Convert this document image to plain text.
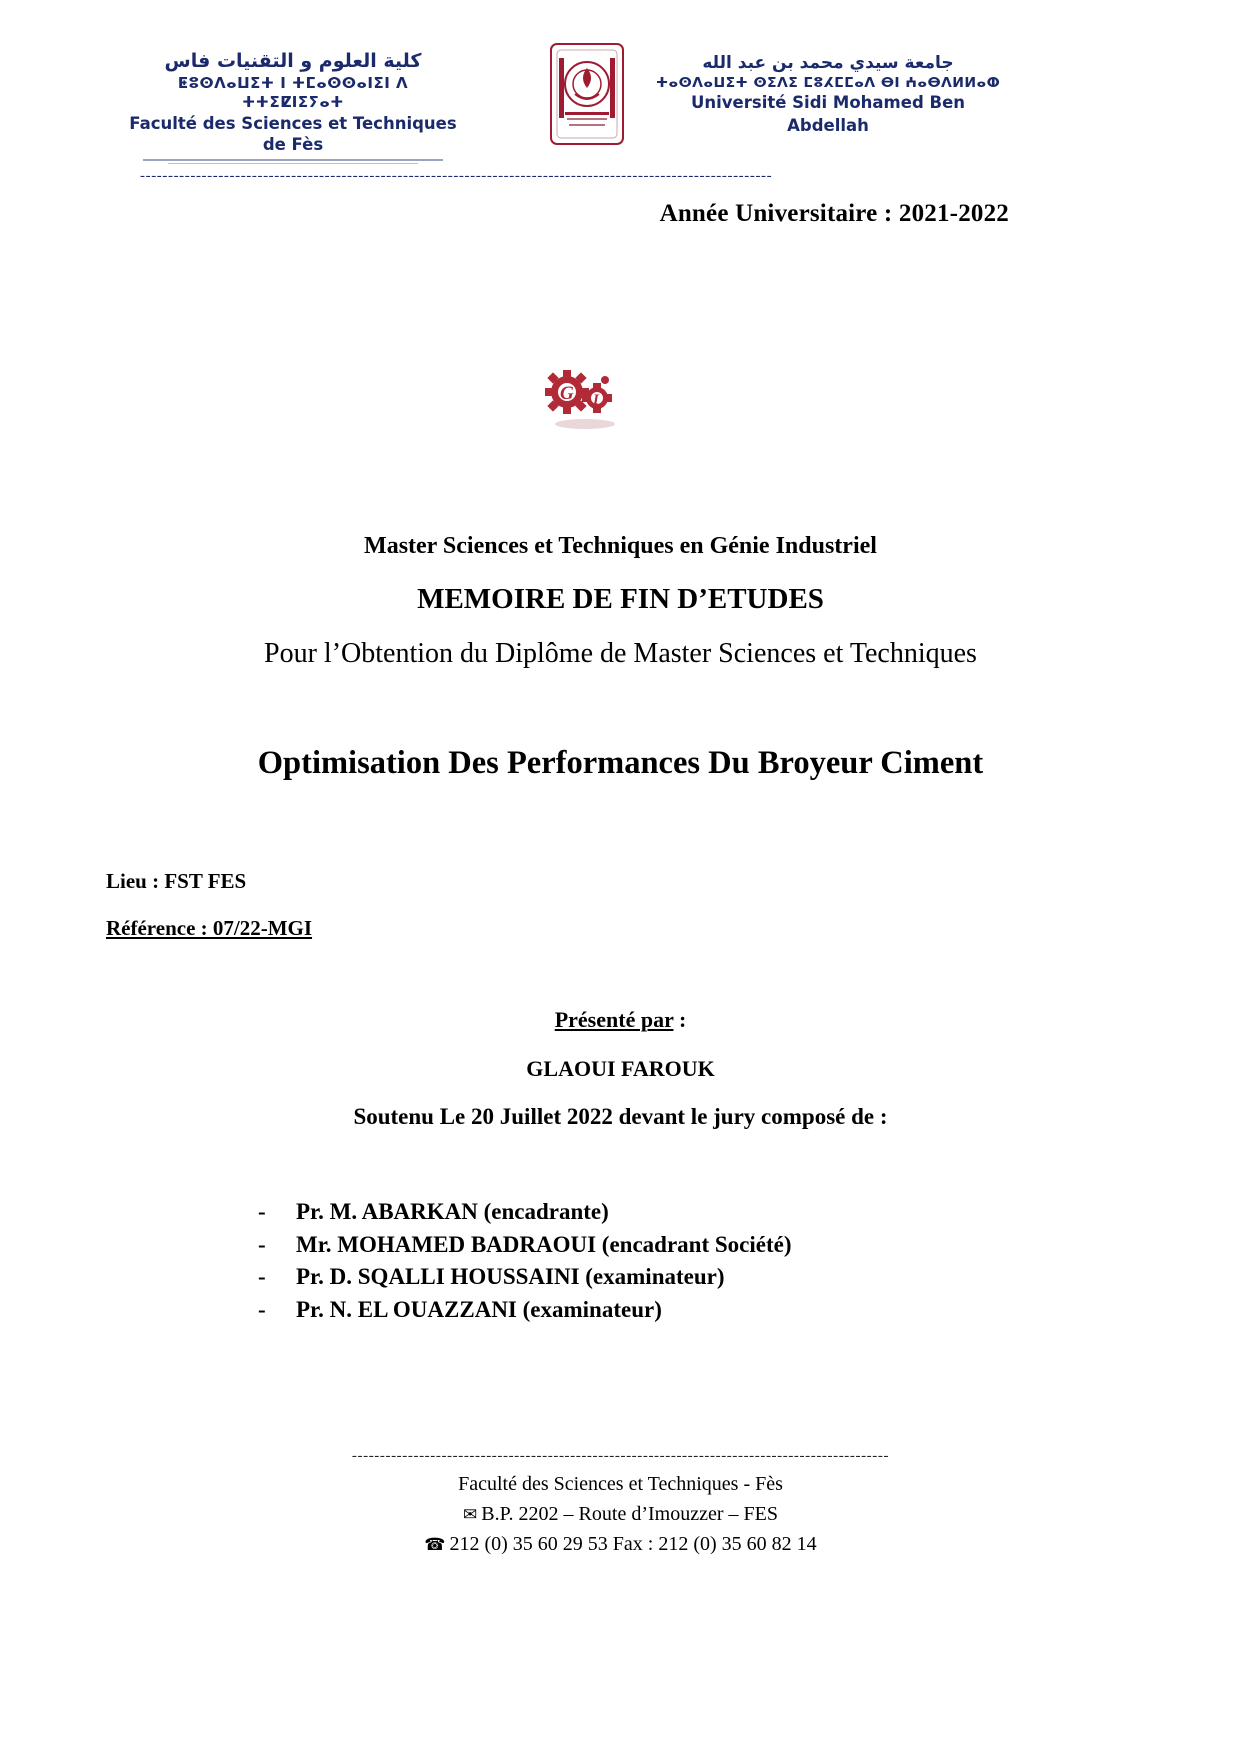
كلية العلوم و التقنيات فاس
ⵟⵓⵙⴷⴰⵡⵉⵜ ⵏ ⵜⵎⴰⵙⵙⴰⵏⵉⵏ ⴷ ⵜⵜⵉⵇⵏⵉⵢⴰⵜ
Faculté des Sciences et Techniques de Fès
جامعة سيدي محمد بن عبد الله
ⵜⴰⵙⴷⴰⵡⵉⵜ ⵙⵉⴷⵉ ⵎⵓⵃⵎⵎⴰⴷ ⴱⵏ ⵄⴰⴱⴷⵍⵍⴰⵀ
Université Sidi Mohamed Ben Abdellah
-----------------------------------------------------------------------------------------------------------------
Année Universitaire : 2021-2022
G I
Master Sciences et Techniques en Génie Industriel
MEMOIRE DE FIN D’ETUDES
Pour l’Obtention du Diplôme de Master Sciences et Techniques
Optimisation Des Performances Du Broyeur Ciment
Lieu : FST FES
Référence : 07/22-MGI
Présenté par :
GLAOUI FAROUK
Soutenu Le 20 Juillet 2022 devant le jury composé de :
-	Pr. M. ABARKAN (encadrante)
-	Mr. MOHAMED BADRAOUI (encadrant Société)
-	Pr. D. SQALLI HOUSSAINI (examinateur)
-	Pr. N. EL OUAZZANI (examinateur)
------------------------------------------------------------------------------------------------
Faculté des Sciences et Techniques - Fès
✉ B.P. 2202 – Route d’Imouzzer – FES
☎ 212 (0) 35 60 29 53 Fax : 212 (0) 35 60 82 14
